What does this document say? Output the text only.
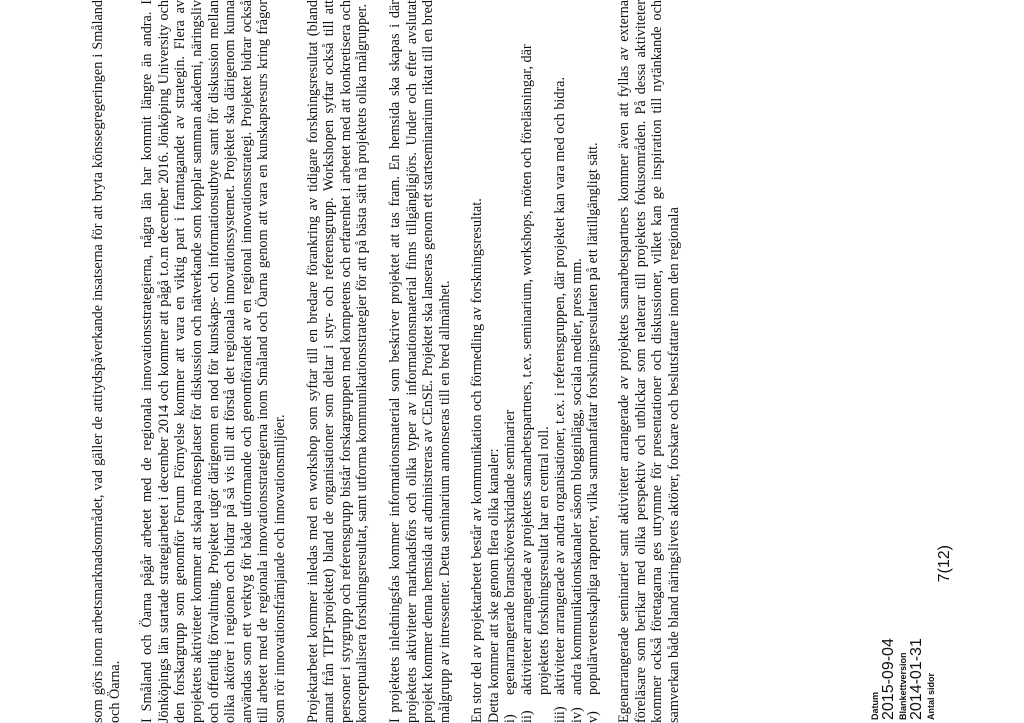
som görs inom arbetsmarknadsområdet, vad gäller de attitydspåverkande insatserna för att bryta könssegregeringen i Småland och Öarna. I Småland och Öarna pågår arbetet med de regionala innovationsstrategierna, några län har kommit längre än andra. I Jönköpings län startade strategiarbetet i december 2014 och kommer att pågå t.o.m december 2016. Jönköping University och den forskargrupp som genomför Forum Förnyelse kommer att vara en viktig part i framtagandet av strategin. Flera av projektets aktiviteter kommer att skapa mötesplatser för diskussion och nätverkande som kopplar samman akademi, näringsliv och offentlig förvaltning. Projektet utgör därigenom en nod för kunskaps- och informationsutbyte samt för diskussion mellan olika aktörer i regionen och bidrar på så vis till att förstå det regionala innovationssystemet. Projektet ska därigenom kunna användas som ett verktyg för både utformande och genomförandet av en regional innovationsstrategi. Projektet bidrar också till arbetet med de regionala innovationsstrategierna inom Småland och Öarna genom att vara en kunskapsresurs kring frågor som rör innovationsfrämjande och innovationsmiljöer. Projektarbetet kommer inledas med en workshop som syftar till en bredare förankring av tidigare forskningsresultat (bland annat från TIPT-projektet) bland de organisationer som deltar i styr- och referensgrupp. Workshopen syftar också till att personer i styrgrupp och referensgrupp bistår forskargruppen med kompetens och erfarenhet i arbetet med att konkretisera och konceptualisera forskningsresultat, samt utforma kommunikationsstrategier för att på bästa sätt nå projektets olika målgrupper. I projektets inledningsfas kommer informationsmaterial som beskriver projektet att tas fram. En hemsida ska skapas i där projektets aktiviteter marknadsförs och olika typer av informationsmaterial finns tillgängligjörs. Under och efter avslutat projekt kommer denna hemsida att administreras av CEnSE. Projektet ska lanseras genom ett startseminarium riktat till en bred målgrupp av intressenter. Detta seminarium annonseras till en bred allmänhet. En stor del av projektarbetet består av kommunikation och förmedling av forskningsresultat. Detta kommer att ske genom flera olika kanaler: i)
egenarrangerade branschöverskridande seminarier
ii)
aktiviteter arrangerade av projektets samarbetspartners, t.ex. seminarium, workshops, möten och föreläsningar, där projektets forskningsresultat har en central roll.
iii)
aktiviteter arrangerade av andra organisationer, t.ex. i referensgruppen, där projektet kan vara med och bidra.
iv)
andra kommunikationskanaler såsom blogginlägg, sociala medier, press mm.
v)
populärvetenskapliga rapporter, vilka sammanfattar forskningsresultaten på ett lättillgängligt sätt. Egenarrangerade seminarier samt aktiviteter arrangerade av projektets samarbetspartners kommer även att fyllas av externa föreläsare som berikar med olika perspektiv och utblickar som relaterar till projektets fokusområden. På dessa aktiviteter kommer också företagarna ges utrymme för presentationer och diskussioner, vilket kan ge inspiration till nytänkande och samverkan både bland näringslivets aktörer, forskare och beslutsfattare inom den regionala	Datum 2015-09-04 Blankettversion 2014-01-31 Antal sidor
7(12)
